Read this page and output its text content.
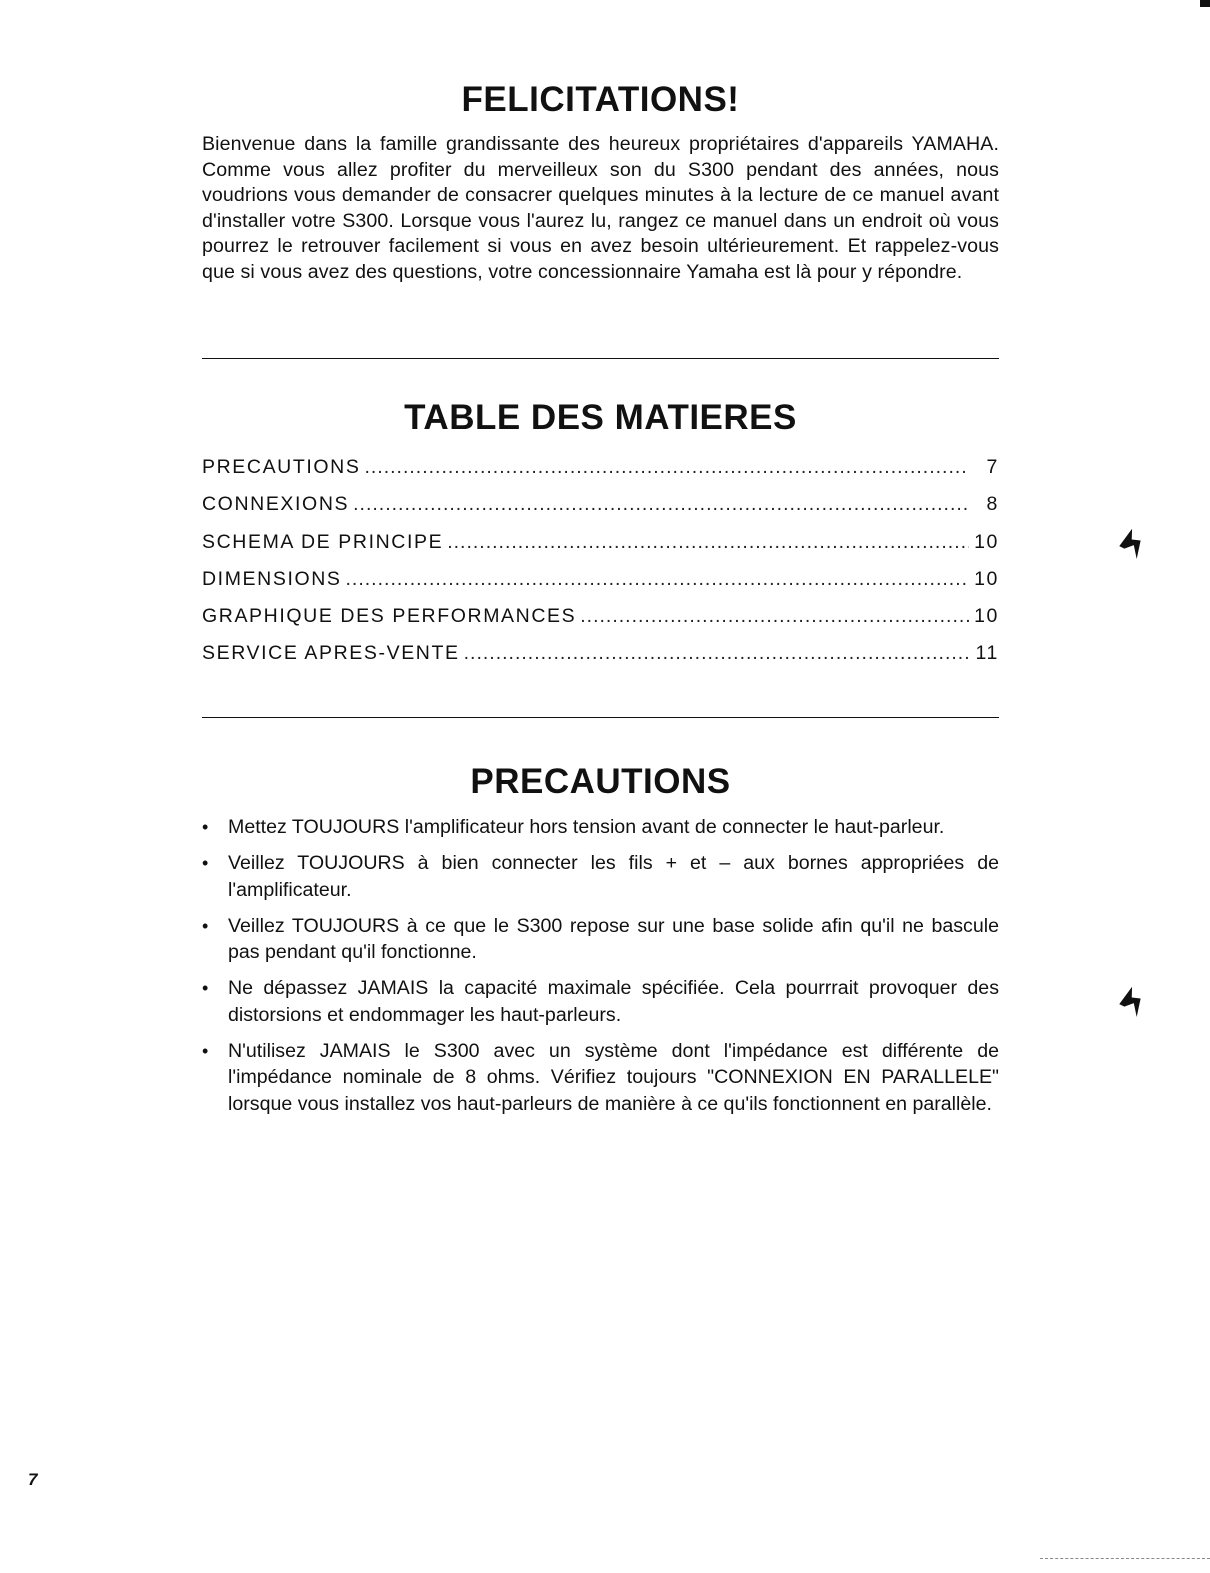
FELICITATIONS!

Bienvenue dans la famille grandissante des heureux propriétaires d'appareils YAMAHA. Comme vous allez profiter du merveilleux son du S300 pendant des années, nous voudrions vous demander de consacrer quelques minutes à la lecture de ce manuel avant d'installer votre S300. Lorsque vous l'aurez lu, rangez ce manuel dans un endroit où vous pourrez le retrouver facilement si vous en avez besoin ultérieurement. Et rappelez-vous que si vous avez des questions, votre concessionnaire Yamaha est là pour y répondre.

TABLE DES MATIERES
PRECAUTIONS .....	7
CONNEXIONS .....	8
SCHEMA DE PRINCIPE .....	10
DIMENSIONS .....	10
GRAPHIQUE DES PERFORMANCES .....	10
SERVICE APRES-VENTE .....	11
PRECAUTIONS
• Mettez TOUJOURS l'amplificateur hors tension avant de connecter le haut-parleur.
• Veillez TOUJOURS à bien connecter les fils + et – aux bornes appropriées de l'amplificateur.
• Veillez TOUJOURS à ce que le S300 repose sur une base solide afin qu'il ne bascule pas pendant qu'il fonctionne.
• Ne dépassez JAMAIS la capacité maximale spécifiée. Cela pourrrait provoquer des distorsions et endommager les haut-parleurs.
• N'utilisez JAMAIS le S300 avec un système dont l'impédance est différente de l'impédance nominale de 8 ohms. Vérifiez toujours "CONNEXION EN PARALLELE" lorsque vous installez vos haut-parleurs de manière à ce qu'ils fonctionnent en parallèle.
7
